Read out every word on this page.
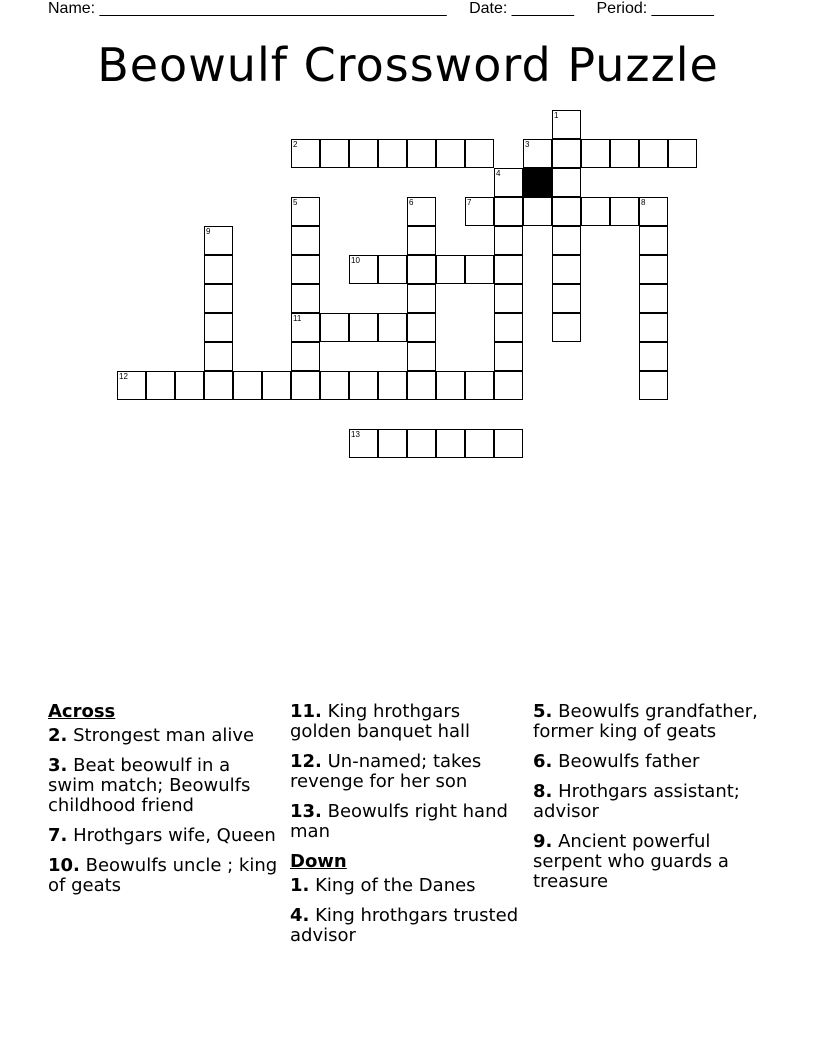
Name: _______________________________________ Date: _______ Period: _______
Beowulf Crossword Puzzle
1
2	3
4
5
11
6	7	8
9
10
12
13
Across
2. Strongest man alive
3. Beat beowulf in a swim match; Beowulfs childhood friend
7. Hrothgars wife, Queen
10. Beowulfs uncle ; king of geats
11. King hrothgars golden banquet hall
12. Un-named; takes revenge for her son
13. Beowulfs right hand man
Down
1. King of the Danes
4. King hrothgars trusted advisor
5. Beowulfs grandfather, former king of geats
6. Beowulfs father
8. Hrothgars assistant; advisor
9. Ancient powerful serpent who guards a treasure
